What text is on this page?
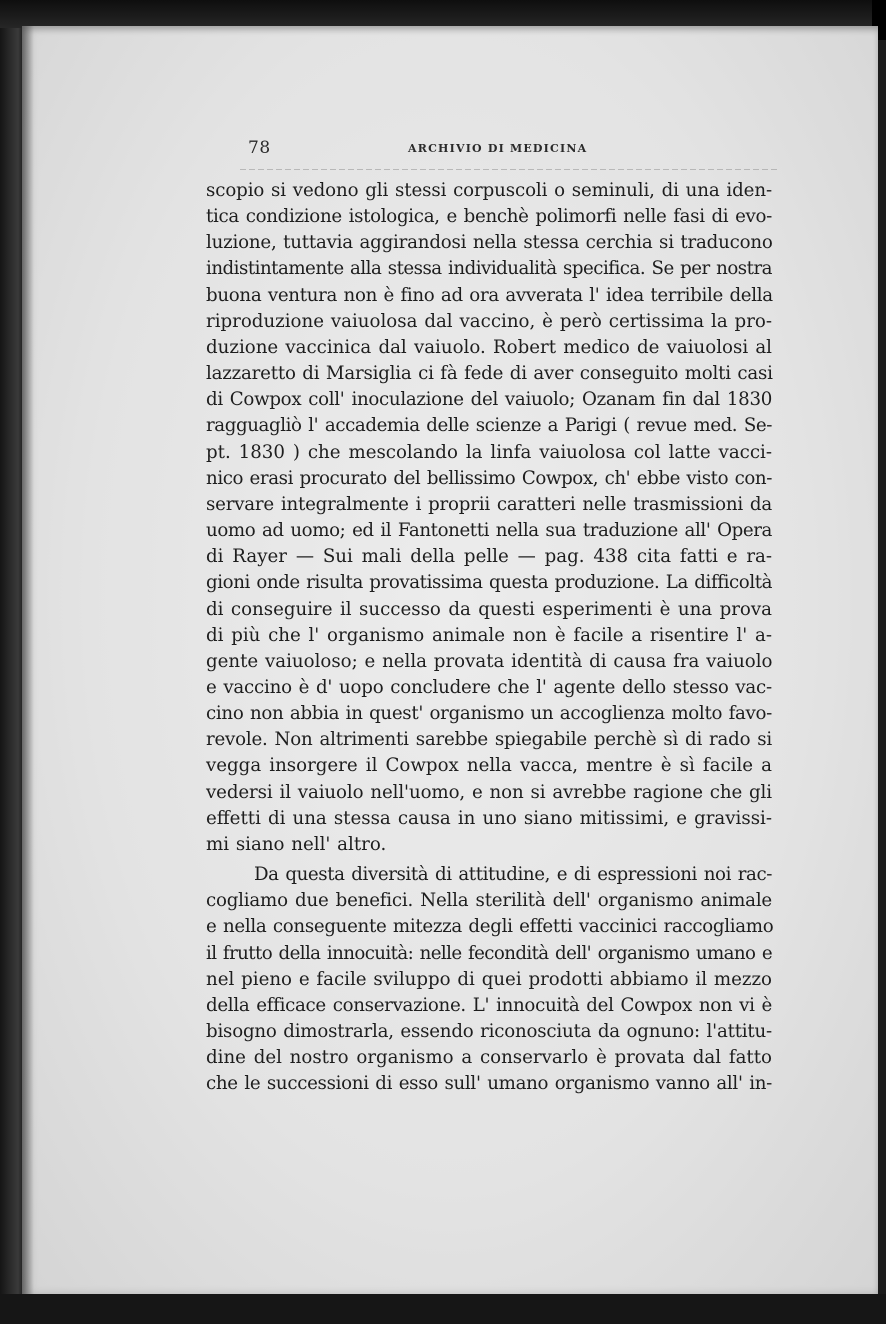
78	ARCHIVIO DI MEDICINA
scopio si vedono gli stessi corpuscoli o seminuli, di una iden-
tica condizione istologica, e benchè polimorfi nelle fasi di evo-
luzione, tuttavia aggirandosi nella stessa cerchia si traducono
indistintamente alla stessa individualità specifica. Se per nostra
buona ventura non è fino ad ora avverata l' idea terribile della
riproduzione vaiuolosa dal vaccino, è però certissima la pro-
duzione vaccinica dal vaiuolo. Robert medico de vaiuolosi al
lazzaretto di Marsiglia ci fà fede di aver conseguito molti casi
di Cowpox coll' inoculazione del vaiuolo; Ozanam fin dal 1830
ragguagliò l' accademia delle scienze a Parigi ( revue med. Se-
pt. 1830 ) che mescolando la linfa vaiuolosa col latte vacci-
nico erasi procurato del bellissimo Cowpox, ch' ebbe visto con-
servare integralmente i proprii caratteri nelle trasmissioni da
uomo ad uomo; ed il Fantonetti nella sua traduzione all' Opera
di Rayer — Sui mali della pelle — pag. 438 cita fatti e ra-
gioni onde risulta provatissima questa produzione. La difficoltà
di conseguire il successo da questi esperimenti è una prova
di più che l' organismo animale non è facile a risentire l' a-
gente vaiuoloso; e nella provata identità di causa fra vaiuolo
e vaccino è d' uopo concludere che l' agente dello stesso vac-
cino non abbia in quest' organismo un accoglienza molto favo-
revole. Non altrimenti sarebbe spiegabile perchè sì di rado si
vegga insorgere il Cowpox nella vacca, mentre è sì facile a
vedersi il vaiuolo nell'uomo, e non si avrebbe ragione che gli
effetti di una stessa causa in uno siano mitissimi, e gravissi-
mi siano nell' altro.
Da questa diversità di attitudine, e di espressioni noi rac-
cogliamo due benefici. Nella sterilità dell' organismo animale
e nella conseguente mitezza degli effetti vaccinici raccogliamo
il frutto della innocuità: nelle fecondità dell' organismo umano e
nel pieno e facile sviluppo di quei prodotti abbiamo il mezzo
della efficace conservazione. L' innocuità del Cowpox non vi è
bisogno dimostrarla, essendo riconosciuta da ognuno: l'attitu-
dine del nostro organismo a conservarlo è provata dal fatto
che le successioni di esso sull' umano organismo vanno all' in-
